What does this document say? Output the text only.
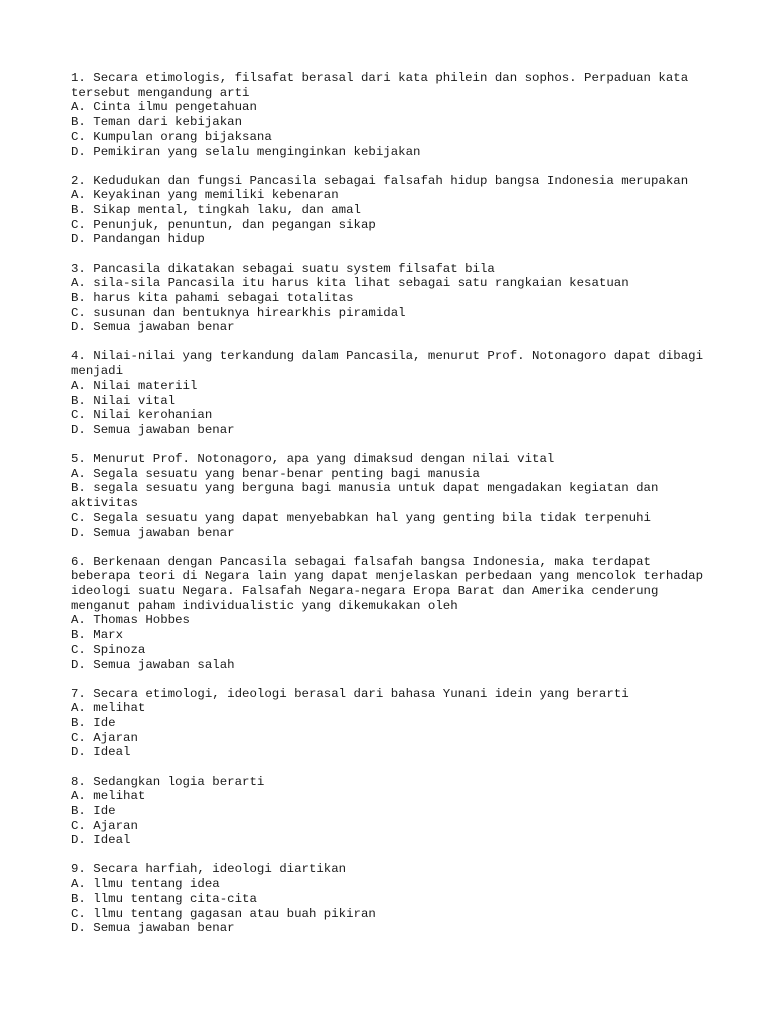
1. Secara etimologis, filsafat berasal dari kata philein dan sophos. Perpaduan kata tersebut mengandung arti
A. Cinta ilmu pengetahuan
B. Teman dari kebijakan
C. Kumpulan orang bijaksana
D. Pemikiran yang selalu menginginkan kebijakan
2. Kedudukan dan fungsi Pancasila sebagai falsafah hidup bangsa Indonesia merupakan
A. Keyakinan yang memiliki kebenaran
B. Sikap mental, tingkah laku, dan amal
C. Penunjuk, penuntun, dan pegangan sikap
D. Pandangan hidup
3. Pancasila dikatakan sebagai suatu system filsafat bila
A. sila-sila Pancasila itu harus kita lihat sebagai satu rangkaian kesatuan
B. harus kita pahami sebagai totalitas
C. susunan dan bentuknya hirearkhis piramidal
D. Semua jawaban benar
4. Nilai-nilai yang terkandung dalam Pancasila, menurut Prof. Notonagoro dapat dibagi menjadi
A. Nilai materiil
B. Nilai vital
C. Nilai kerohanian
D. Semua jawaban benar
5. Menurut Prof. Notonagoro, apa yang dimaksud dengan nilai vital
A. Segala sesuatu yang benar-benar penting bagi manusia
B. segala sesuatu yang berguna bagi manusia untuk dapat mengadakan kegiatan dan aktivitas
C. Segala sesuatu yang dapat menyebabkan hal yang genting bila tidak terpenuhi
D. Semua jawaban benar
6. Berkenaan dengan Pancasila sebagai falsafah bangsa Indonesia, maka terdapat beberapa teori di Negara lain yang dapat menjelaskan perbedaan yang mencolok terhadap ideologi suatu Negara. Falsafah Negara-negara Eropa Barat dan Amerika cenderung menganut paham individualistic yang dikemukakan oleh
A. Thomas Hobbes
B. Marx
C. Spinoza
D. Semua jawaban salah
7. Secara etimologi, ideologi berasal dari bahasa Yunani idein yang berarti
A. melihat
B. Ide
C. Ajaran
D. Ideal
8. Sedangkan logia berarti
A. melihat
B. Ide
C. Ajaran
D. Ideal
9. Secara harfiah, ideologi diartikan
A. llmu tentang idea
B. llmu tentang cita-cita
C. llmu tentang gagasan atau buah pikiran
D. Semua jawaban benar
